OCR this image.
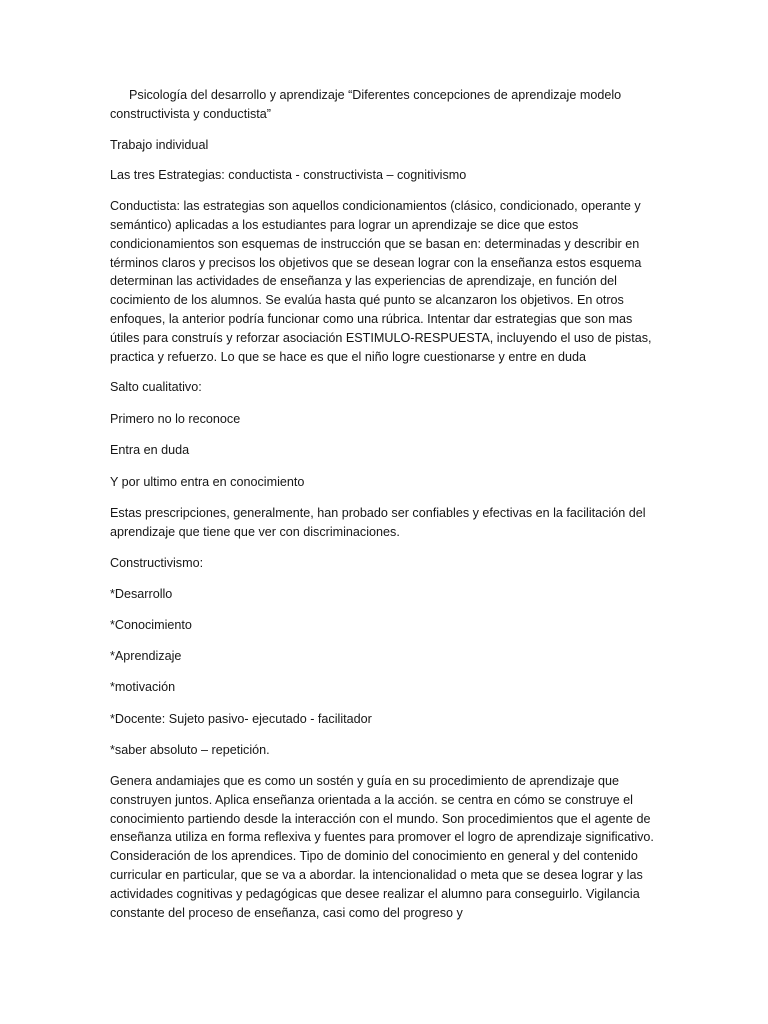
Psicología del desarrollo y aprendizaje “Diferentes concepciones de aprendizaje modelo constructivista y conductista”

Trabajo individual

Las tres Estrategias: conductista - constructivista – cognitivismo

Conductista: las estrategias son aquellos condicionamientos (clásico, condicionado, operante y semántico) aplicadas a los estudiantes para lograr un aprendizaje se dice que estos condicionamientos son esquemas de instrucción que se basan en: determinadas y describir en términos claros y precisos los objetivos que se desean lograr con la enseñanza estos esquema determinan las actividades de enseñanza y las experiencias de aprendizaje, en función del cocimiento de los alumnos. Se evalúa hasta qué punto se alcanzaron los objetivos. En otros enfoques, la anterior podría funcionar como una rúbrica. Intentar dar estrategias que son mas útiles para construís y reforzar asociación ESTIMULO-RESPUESTA, incluyendo el uso de pistas, practica y refuerzo. Lo que se hace es que el niño logre cuestionarse y entre en duda

Salto cualitativo:

Primero no lo reconoce

Entra en duda

Y por ultimo entra en conocimiento

Estas prescripciones, generalmente, han probado ser confiables y efectivas en la facilitación del aprendizaje que tiene que ver con discriminaciones.

Constructivismo:

*Desarrollo
*Conocimiento
*Aprendizaje
*motivación
*Docente: Sujeto pasivo- ejecutado - facilitador
*saber absoluto – repetición.

Genera andamiajes que es como un sostén y guía en su procedimiento de aprendizaje que construyen juntos. Aplica enseñanza orientada a la acción. se centra en cómo se construye el conocimiento partiendo desde la interacción con el mundo. Son procedimientos que el agente de enseñanza utiliza en forma reflexiva y fuentes para promover el logro de aprendizaje significativo. Consideración de los aprendices. Tipo de dominio del conocimiento en general y del contenido curricular en particular, que se va a abordar. la intencionalidad o meta que se desea lograr y las actividades cognitivas y pedagógicas que desee realizar el alumno para conseguirlo. Vigilancia constante del proceso de enseñanza, casi como del progreso y
